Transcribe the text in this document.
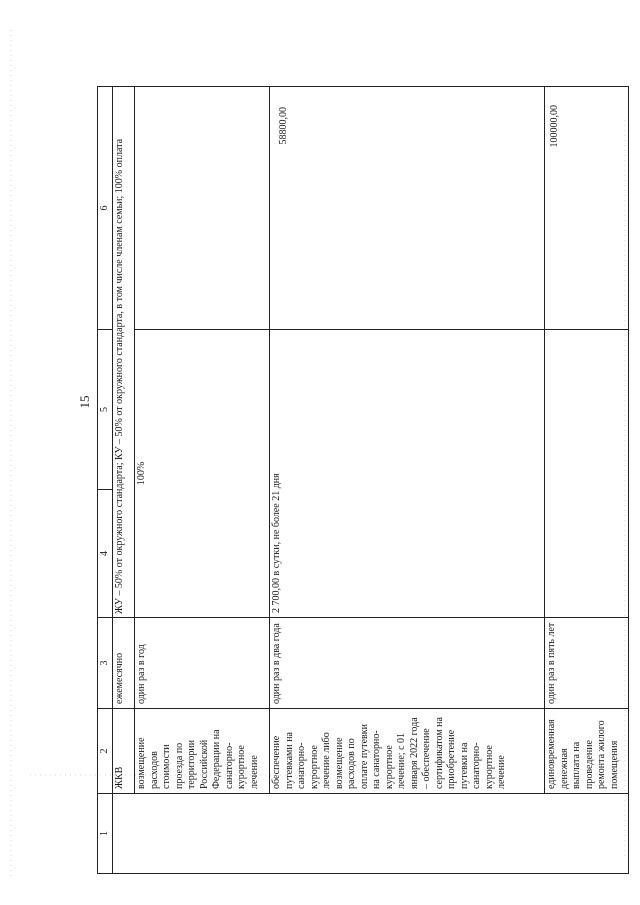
15
1	2	3	4	5	6
	ЖКВ	ежемесячно	ЖУ – 50% от окружного стандарта; КУ – 50% от окружного стандарта, в том числе членам семьи; 100% оплата		
	возмещение расходов стоимости проезда по территории Российской Федерации на санаторно-курортное лечение	один раз в год	100%		
	обеспечение путевками на санаторно-курортное лечение либо возмещение расходов по оплате путевки на санаторно-курортное лечение; с 01 января 2022 года – обеспечение сертификатом на приобретение путевки на санаторно-курортное лечение	один раз в два года	2 700,00 в сутки, не более 21 дня		58800,00
	единовременная денежная выплата на проведение ремонта жилого помещения	один раз в пять лет			100000,00
